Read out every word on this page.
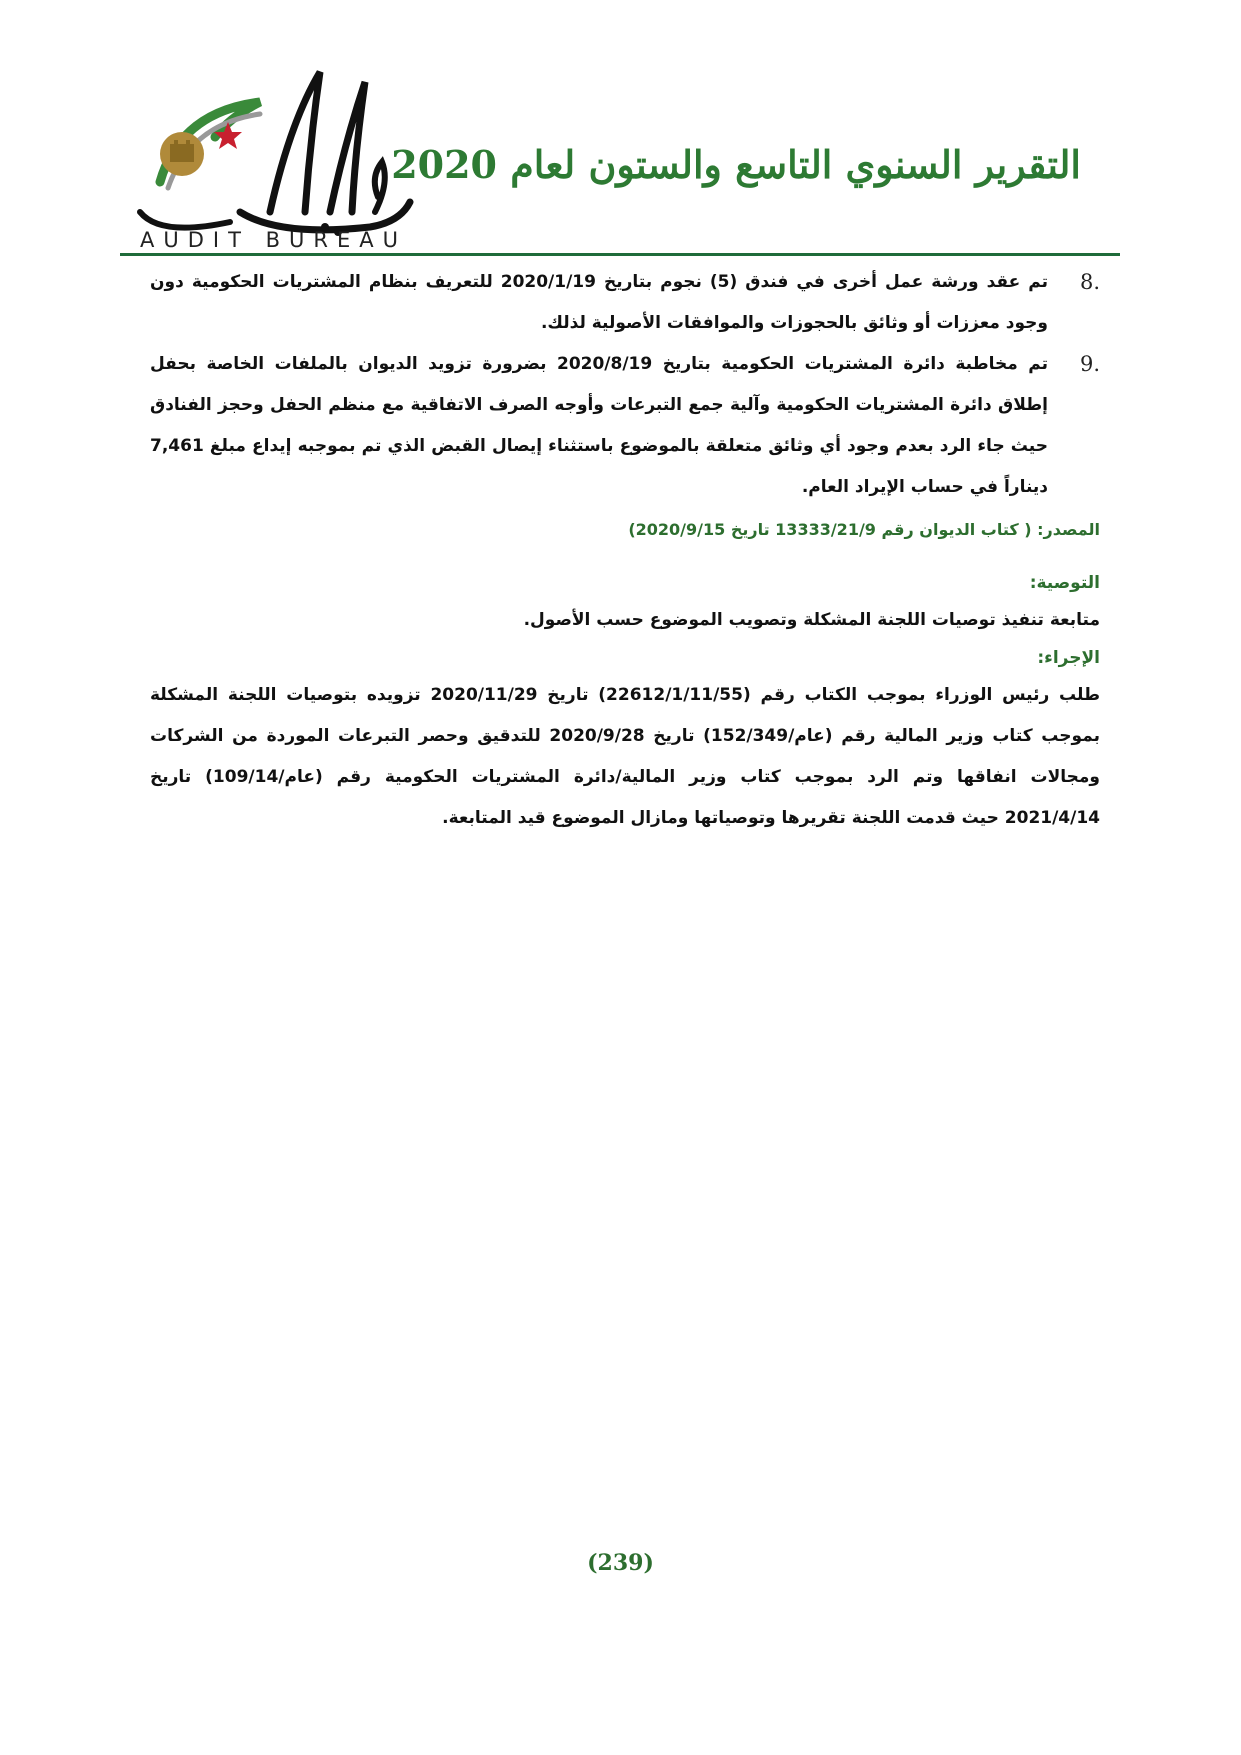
التقرير السنوي التاسع والستون لعام 2020
AUDIT BUREAU
8.
تم عقد ورشة عمل أخرى في فندق (5) نجوم بتاريخ 2020/1/19 للتعريف بنظام المشتريات الحكومية دون وجود معززات أو وثائق بالحجوزات والموافقات الأصولية لذلك.
9.
تم مخاطبة دائرة المشتريات الحكومية بتاريخ 2020/8/19 بضرورة تزويد الديوان بالملفات الخاصة بحفل إطلاق دائرة المشتريات الحكومية وآلية جمع التبرعات وأوجه الصرف الاتفاقية مع منظم الحفل وحجز الفنادق حيث جاء الرد بعدم وجود أي وثائق متعلقة بالموضوع باستثناء إيصال القبض الذي تم بموجبه إيداع مبلغ 7,461 ديناراً في حساب الإيراد العام.
المصدر: ( كتاب الديوان رقم 13333/21/9 تاريخ 2020/9/15)
التوصية:
متابعة تنفيذ توصيات اللجنة المشكلة وتصويب الموضوع حسب الأصول.
الإجراء:
طلب رئيس الوزراء بموجب الكتاب رقم (22612/1/11/55) تاريخ 2020/11/29 تزويده بتوصيات اللجنة المشكلة بموجب كتاب وزير المالية رقم (عام/152/349) تاريخ 2020/9/28 للتدقيق وحصر التبرعات الموردة من الشركات ومجالات انفاقها وتم الرد بموجب كتاب وزير المالية/دائرة المشتريات الحكومية رقم (عام/109/14) تاريخ 2021/4/14 حيث قدمت اللجنة تقريرها وتوصياتها ومازال الموضوع قيد المتابعة.
(239)
